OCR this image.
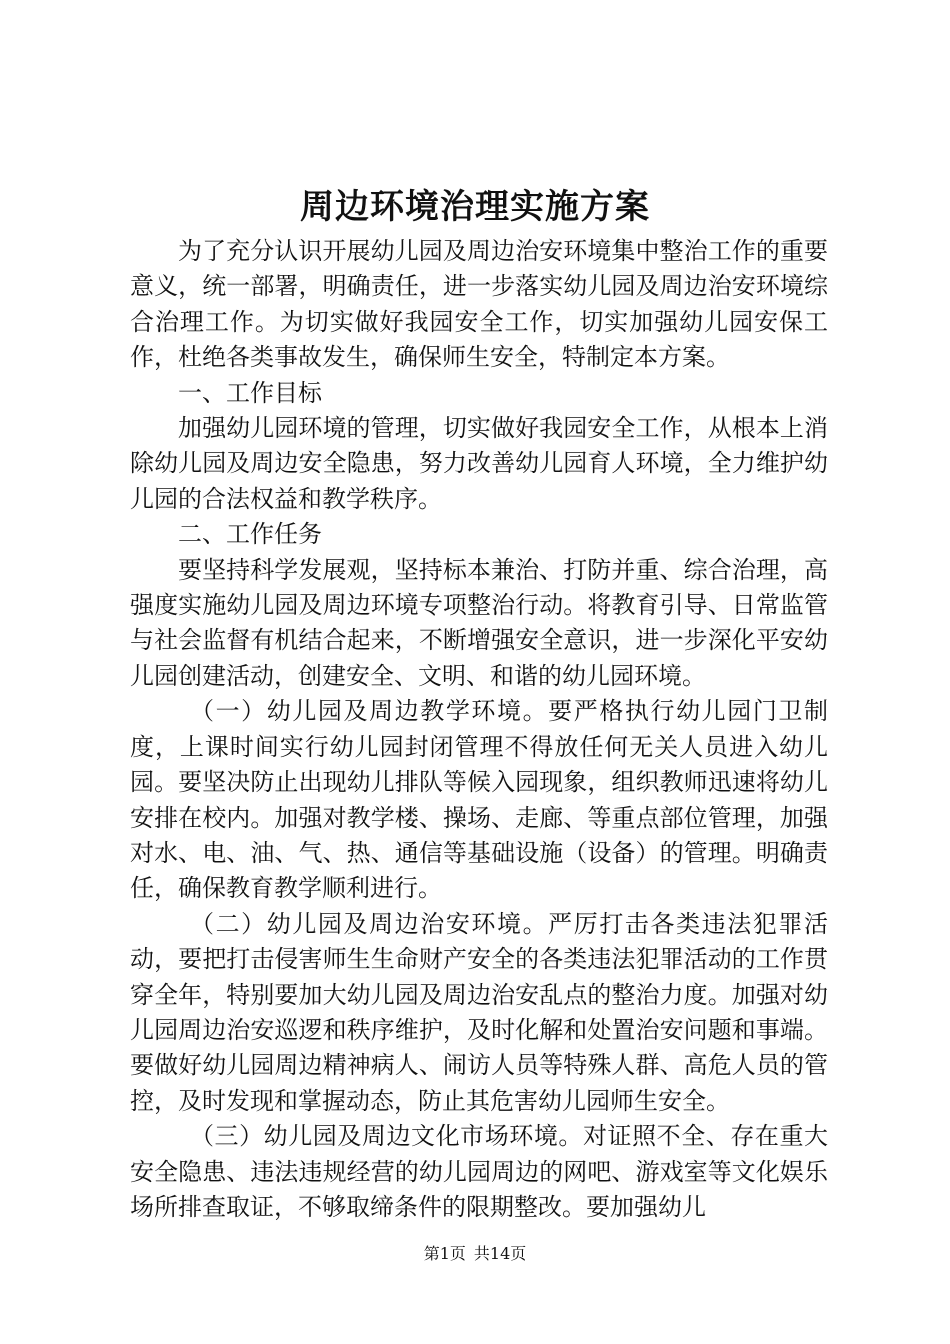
周边环境治理实施方案

为了充分认识开展幼儿园及周边治安环境集中整治工作的重要意义，统一部署，明确责任，进一步落实幼儿园及周边治安环境综合治理工作。为切实做好我园安全工作，切实加强幼儿园安保工作，杜绝各类事故发生，确保师生安全，特制定本方案。

一、工作目标

加强幼儿园环境的管理，切实做好我园安全工作，从根本上消除幼儿园及周边安全隐患，努力改善幼儿园育人环境，全力维护幼儿园的合法权益和教学秩序。

二、工作任务

要坚持科学发展观，坚持标本兼治、打防并重、综合治理，高强度实施幼儿园及周边环境专项整治行动。将教育引导、日常监管与社会监督有机结合起来，不断增强安全意识，进一步深化平安幼儿园创建活动，创建安全、文明、和谐的幼儿园环境。

（一）幼儿园及周边教学环境。要严格执行幼儿园门卫制度，上课时间实行幼儿园封闭管理不得放任何无关人员进入幼儿园。要坚决防止出现幼儿排队等候入园现象，组织教师迅速将幼儿安排在校内。加强对教学楼、操场、走廊、等重点部位管理，加强对水、电、油、气、热、通信等基础设施（设备）的管理。明确责任，确保教育教学顺利进行。

（二）幼儿园及周边治安环境。严厉打击各类违法犯罪活动，要把打击侵害师生生命财产安全的各类违法犯罪活动的工作贯穿全年，特别要加大幼儿园及周边治安乱点的整治力度。加强对幼儿园周边治安巡逻和秩序维护，及时化解和处置治安问题和事端。要做好幼儿园周边精神病人、闹访人员等特殊人群、高危人员的管控，及时发现和掌握动态，防止其危害幼儿园师生安全。

（三）幼儿园及周边文化市场环境。对证照不全、存在重大安全隐患、违法违规经营的幼儿园周边的网吧、游戏室等文化娱乐场所排查取证，不够取缔条件的限期整改。要加强幼儿

第1页 共14页
